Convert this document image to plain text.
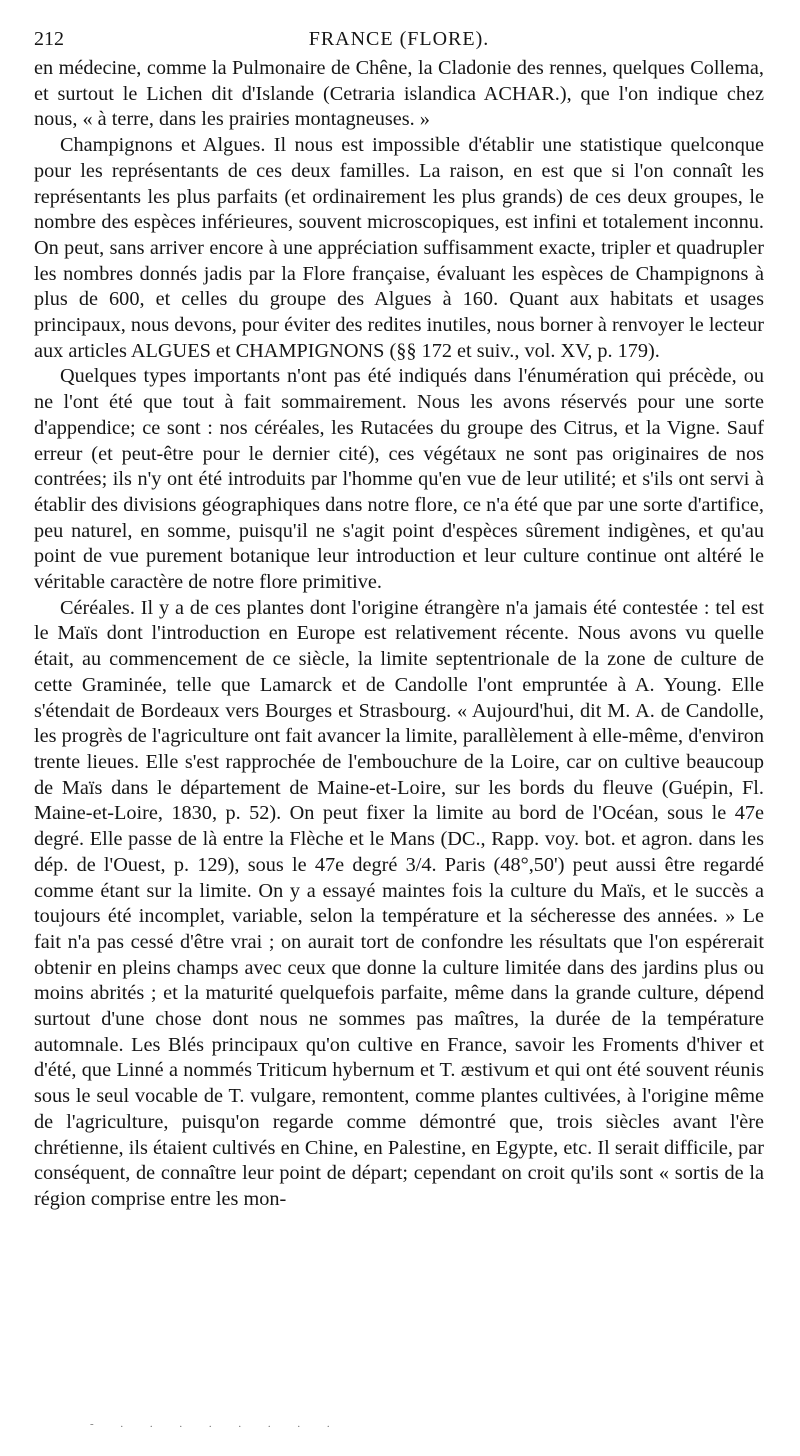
212	FRANCE (FLORE).

en médecine, comme la Pulmonaire de Chêne, la Cladonie des rennes, quelques Collema, et surtout le Lichen dit d'Islande (Cetraria islandica ACHAR.), que l'on indique chez nous, « à terre, dans les prairies montagneuses. »

Champignons et Algues. Il nous est impossible d'établir une statistique quelconque pour les représentants de ces deux familles. La raison, en est que si l'on connaît les représentants les plus parfaits (et ordinairement les plus grands) de ces deux groupes, le nombre des espèces inférieures, souvent microscopiques, est infini et totalement inconnu. On peut, sans arriver encore à une appréciation suffisamment exacte, tripler et quadrupler les nombres donnés jadis par la Flore française, évaluant les espèces de Champignons à plus de 600, et celles du groupe des Algues à 160. Quant aux habitats et usages principaux, nous devons, pour éviter des redites inutiles, nous borner à renvoyer le lecteur aux articles ALGUES et CHAMPIGNONS (§§ 172 et suiv., vol. XV, p. 179).

Quelques types importants n'ont pas été indiqués dans l'énumération qui précède, ou ne l'ont été que tout à fait sommairement. Nous les avons réservés pour une sorte d'appendice; ce sont : nos céréales, les Rutacées du groupe des Citrus, et la Vigne. Sauf erreur (et peut-être pour le dernier cité), ces végétaux ne sont pas originaires de nos contrées; ils n'y ont été introduits par l'homme qu'en vue de leur utilité; et s'ils ont servi à établir des divisions géographiques dans notre flore, ce n'a été que par une sorte d'artifice, peu naturel, en somme, puisqu'il ne s'agit point d'espèces sûrement indigènes, et qu'au point de vue purement botanique leur introduction et leur culture continue ont altéré le véritable caractère de notre flore primitive.

Céréales. Il y a de ces plantes dont l'origine étrangère n'a jamais été contestée : tel est le Maïs dont l'introduction en Europe est relativement récente. Nous avons vu quelle était, au commencement de ce siècle, la limite septentrionale de la zone de culture de cette Graminée, telle que Lamarck et de Candolle l'ont empruntée à A. Young. Elle s'étendait de Bordeaux vers Bourges et Strasbourg. « Aujourd'hui, dit M. A. de Candolle, les progrès de l'agriculture ont fait avancer la limite, parallèlement à elle-même, d'environ trente lieues. Elle s'est rapprochée de l'embouchure de la Loire, car on cultive beaucoup de Maïs dans le département de Maine-et-Loire, sur les bords du fleuve (Guépin, Fl. Maine-et-Loire, 1830, p. 52). On peut fixer la limite au bord de l'Océan, sous le 47e degré. Elle passe de là entre la Flèche et le Mans (DC., Rapp. voy. bot. et agron. dans les dép. de l'Ouest, p. 129), sous le 47e degré 3/4. Paris (48°,50') peut aussi être regardé comme étant sur la limite. On y a essayé maintes fois la culture du Maïs, et le succès a toujours été incomplet, variable, selon la température et la sécheresse des années. » Le fait n'a pas cessé d'être vrai ; on aurait tort de confondre les résultats que l'on espérerait obtenir en pleins champs avec ceux que donne la culture limitée dans des jardins plus ou moins abrités ; et la maturité quelquefois parfaite, même dans la grande culture, dépend surtout d'une chose dont nous ne sommes pas maîtres, la durée de la température automnale. Les Blés principaux qu'on cultive en France, savoir les Froments d'hiver et d'été, que Linné a nommés Triticum hybernum et T. æstivum et qui ont été souvent réunis sous le seul vocable de T. vulgare, remontent, comme plantes cultivées, à l'origine même de l'agriculture, puisqu'on regarde comme démontré que, trois siècles avant l'ère chrétienne, ils étaient cultivés en Chine, en Palestine, en Egypte, etc. Il serait difficile, par conséquent, de connaître leur point de départ; cependant on croit qu'ils sont « sortis de la région comprise entre les mon-

- . . . . . . . .
